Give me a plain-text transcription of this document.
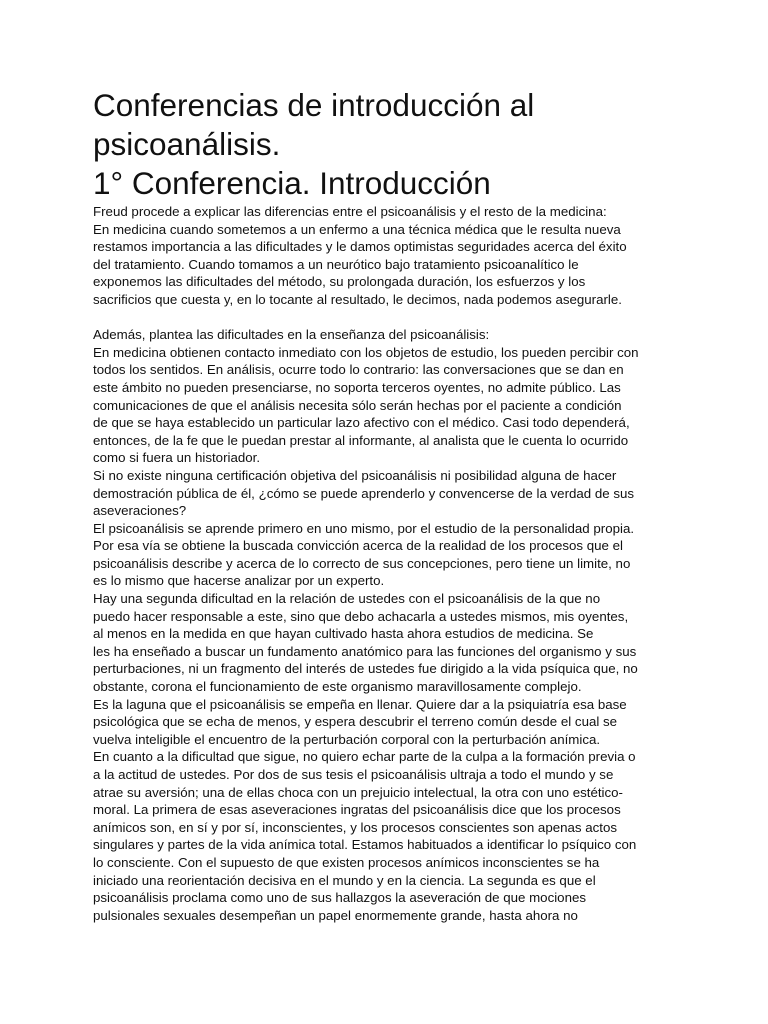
Conferencias de introducción al
psicoanálisis.
1° Conferencia. Introducción
Freud procede a explicar las diferencias entre el psicoanálisis y el resto de la medicina:
En medicina cuando sometemos a un enfermo a una técnica médica que le resulta nueva
restamos importancia a las dificultades y le damos optimistas seguridades acerca del éxito
del tratamiento. Cuando tomamos a un neurótico bajo tratamiento psicoanalítico le
exponemos las dificultades del método, su prolongada duración, los esfuerzos y los
sacrificios que cuesta y, en lo tocante al resultado, le decimos, nada podemos asegurarle.
Además, plantea las dificultades en la enseñanza del psicoanálisis:
En medicina obtienen contacto inmediato con los objetos de estudio, los pueden percibir con
todos los sentidos. En análisis, ocurre todo lo contrario: las conversaciones que se dan en
este ámbito no pueden presenciarse, no soporta terceros oyentes, no admite público. Las
comunicaciones de que el análisis necesita sólo serán hechas por el paciente a condición
de que se haya establecido un particular lazo afectivo con el médico. Casi todo dependerá,
entonces, de la fe que le puedan prestar al informante, al analista que le cuenta lo ocurrido
como si fuera un historiador.
Si no existe ninguna certificación objetiva del psicoanálisis ni posibilidad alguna de hacer
demostración pública de él, ¿cómo se puede aprenderlo y convencerse de la verdad de sus
aseveraciones?
El psicoanálisis se aprende primero en uno mismo, por el estudio de la personalidad propia.
Por esa vía se obtiene la buscada convicción acerca de la realidad de los procesos que el
psicoanálisis describe y acerca de lo correcto de sus concepciones, pero tiene un limite, no
es lo mismo que hacerse analizar por un experto.
Hay una segunda dificultad en la relación de ustedes con el psicoanálisis de la que no
puedo hacer responsable a este, sino que debo achacarla a ustedes mismos, mis oyentes,
al menos en la medida en que hayan cultivado hasta ahora estudios de medicina. Se
les ha enseñado a buscar un fundamento anatómico para las funciones del organismo y sus
perturbaciones, ni un fragmento del interés de ustedes fue dirigido a la vida psíquica que, no
obstante, corona el funcionamiento de este organismo maravillosamente complejo.
Es la laguna que el psicoanálisis se empeña en llenar. Quiere dar a la psiquiatría esa base
psicológica que se echa de menos, y espera descubrir el terreno común desde el cual se
vuelva inteligible el encuentro de la perturbación corporal con la perturbación anímica.
En cuanto a la dificultad que sigue, no quiero echar parte de la culpa a la formación previa o
a la actitud de ustedes. Por dos de sus tesis el psicoanálisis ultraja a todo el mundo y se
atrae su aversión; una de ellas choca con un prejuicio intelectual, la otra con uno estético-
moral. La primera de esas aseveraciones ingratas del psicoanálisis dice que los procesos
anímicos son, en sí y por sí, inconscientes, y los procesos conscientes son apenas actos
singulares y partes de la vida anímica total. Estamos habituados a identificar lo psíquico con
lo consciente. Con el supuesto de que existen procesos anímicos inconscientes se ha
iniciado una reorientación decisiva en el mundo y en la ciencia. La segunda es que el
psicoanálisis proclama como uno de sus hallazgos la aseveración de que mociones
pulsionales sexuales desempeñan un papel enormemente grande, hasta ahora no
